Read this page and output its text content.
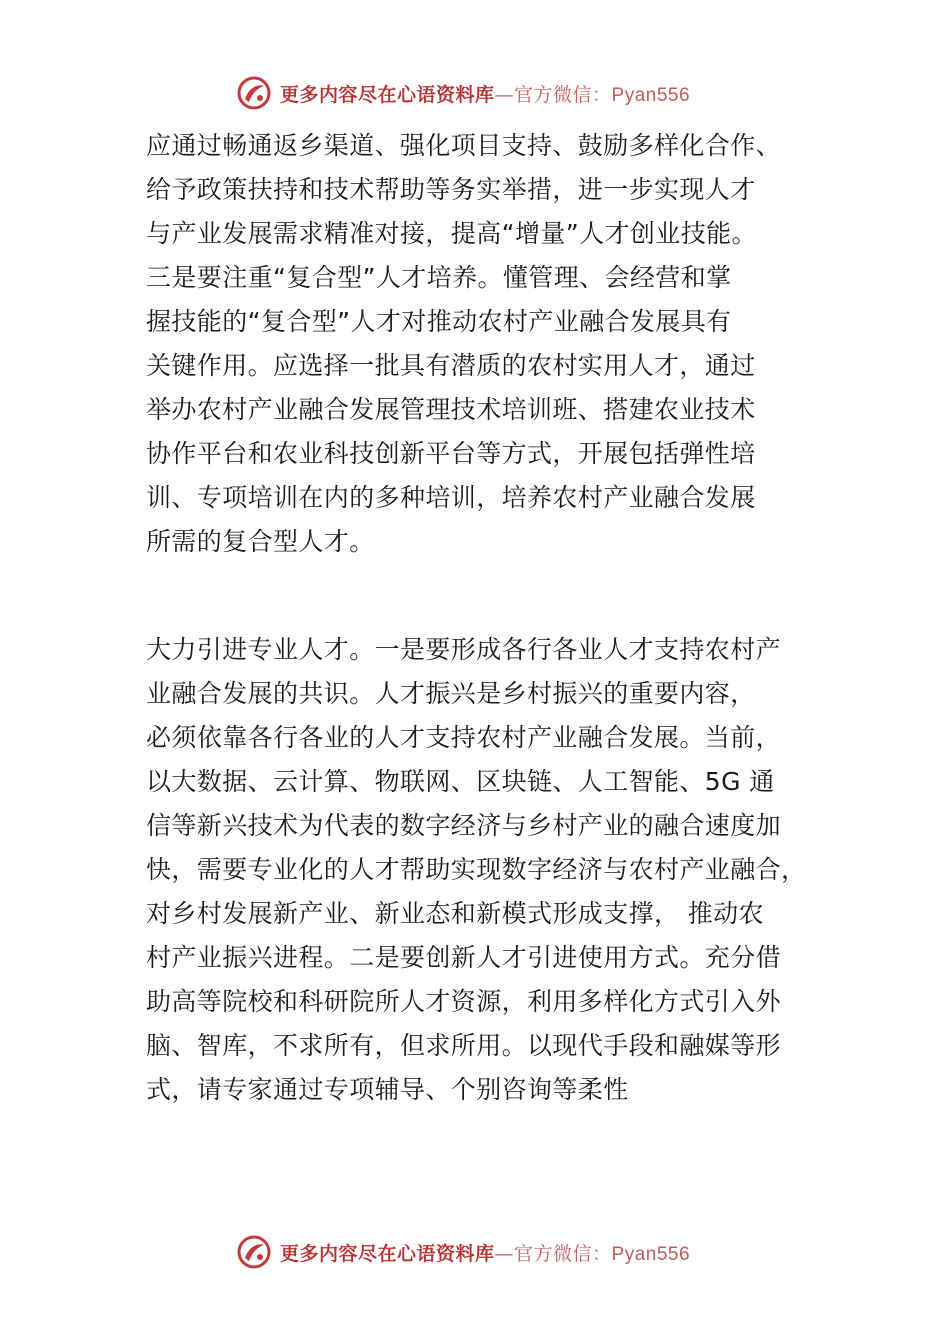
更多内容尽在心语资料库—官方微信：Pyan556
应通过畅通返乡渠道、强化项目支持、鼓励多样化合作、
给予政策扶持和技术帮助等务实举措，进一步实现人才
与产业发展需求精准对接，提高“增量”人才创业技能。
三是要注重“复合型”人才培养。懂管理、会经营和掌
握技能的“复合型”人才对推动农村产业融合发展具有
关键作用。应选择一批具有潜质的农村实用人才，通过
举办农村产业融合发展管理技术培训班、搭建农业技术
协作平台和农业科技创新平台等方式，开展包括弹性培
训、专项培训在内的多种培训，培养农村产业融合发展
所需的复合型人才。
大力引进专业人才。一是要形成各行各业人才支持农村产
业融合发展的共识。人才振兴是乡村振兴的重要内容，
必须依靠各行各业的人才支持农村产业融合发展。当前，
以大数据、云计算、物联网、区块链、人工智能、5G 通
信等新兴技术为代表的数字经济与乡村产业的融合速度加
快，需要专业化的人才帮助实现数字经济与农村产业融合，
对乡村发展新产业、新业态和新模式形成支撑， 推动农
村产业振兴进程。二是要创新人才引进使用方式。充分借
助高等院校和科研院所人才资源，利用多样化方式引入外
脑、智库，不求所有，但求所用。以现代手段和融媒等形
式，请专家通过专项辅导、个别咨询等柔性
更多内容尽在心语资料库—官方微信：Pyan556
